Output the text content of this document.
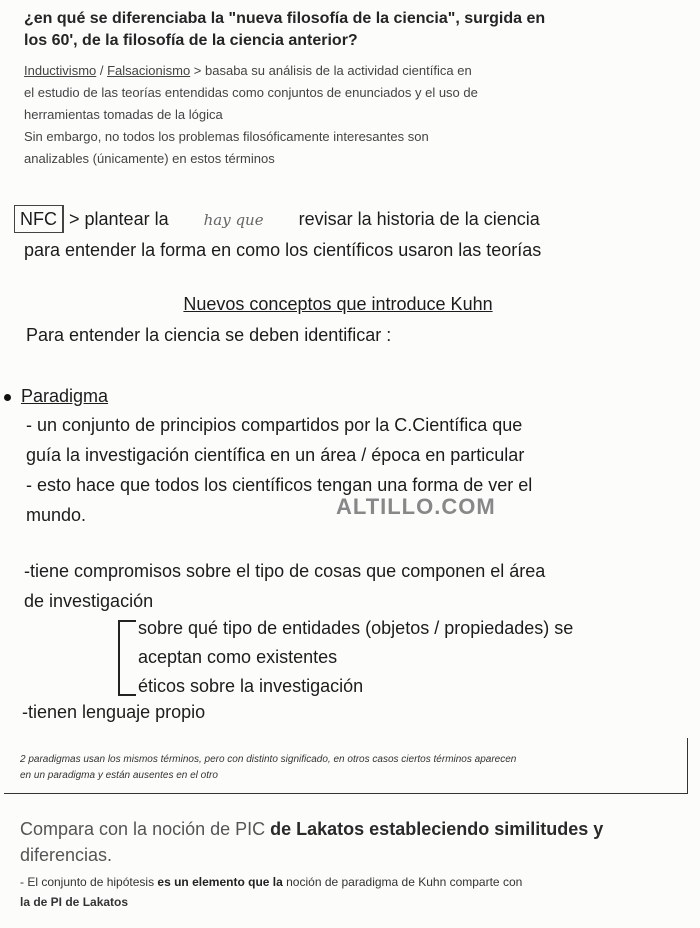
¿en qué se diferenciaba la "nueva filosofía de la ciencia", surgida en
los 60', de la filosofía de la ciencia anterior?
Inductivismo / Falsacionismo > basaba su análisis de la actividad científica en
el estudio de las teorías entendidas como conjuntos de enunciados y el uso de
herramientas tomadas de la lógica
Sin embargo, no todos los problemas filosóficamente interesantes son
analizables (únicamente) en estos términos
NFC > plantear la hay que revisar la historia de la ciencia
para entender la forma en como los científicos usaron las teorías
Nuevos conceptos que introduce Kuhn
Para entender la ciencia se deben identificar :
Paradigma
- un conjunto de principios compartidos por la C.Científica que
guía la investigación científica en un área / época en particular
- esto hace que todos los científicos tengan una forma de ver el
mundo.	ALTILLO.COM
-tiene compromisos sobre el tipo de cosas que componen el área
de investigación
sobre qué tipo de entidades (objetos / propiedades) se
aceptan como existentes
éticos sobre la investigación
-tienen lenguaje propio
2 paradigmas usan los mismos términos, pero con distinto significado, en otros casos ciertos términos aparecen
en un paradigma y están ausentes en el otro
Compara con la noción de PIC de Lakatos estableciendo similitudes y
diferencias.
- El conjunto de hipótesis es un elemento que la noción de paradigma de Kuhn comparte con
la de PI de Lakatos
